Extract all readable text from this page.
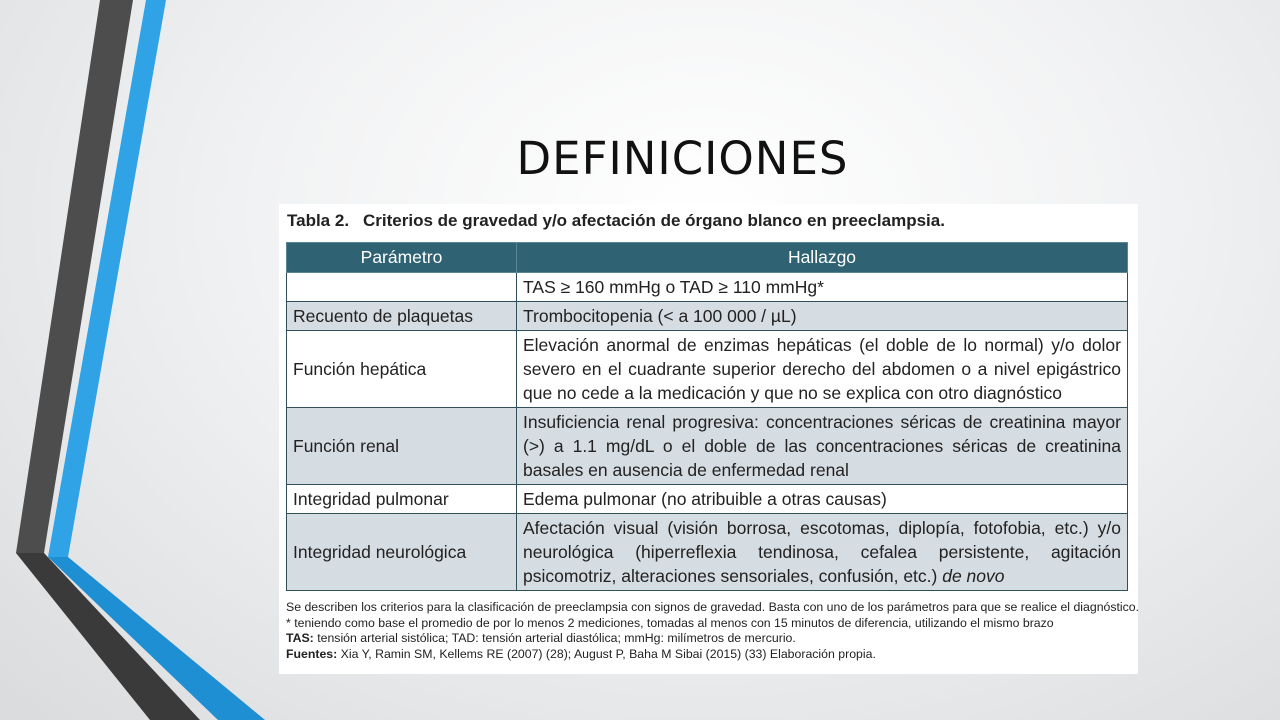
DEFINICIONES
Tabla 2. Criterios de gravedad y/o afectación de órgano blanco en preeclampsia.
Parámetro	Hallazgo
	TAS ≥ 160 mmHg o TAD ≥ 110 mmHg*
Recuento de plaquetas	Trombocitopenia (< a 100 000 / µL)
Función hepática	Elevación anormal de enzimas hepáticas (el doble de lo normal) y/o dolor severo en el cuadrante superior derecho del abdomen o a nivel epigástrico que no cede a la medicación y que no se explica con otro diagnóstico
Función renal	Insuficiencia renal progresiva: concentraciones séricas de creatinina mayor (>) a 1.1 mg/dL o el doble de las concentraciones séricas de creatinina basales en ausencia de enfermedad renal
Integridad pulmonar	Edema pulmonar (no atribuible a otras causas)
Integridad neurológica	Afectación visual (visión borrosa, escotomas, diplopía, fotofobia, etc.) y/o neurológica (hiperreflexia tendinosa, cefalea persistente, agitación psicomotriz, alteraciones sensoriales, confusión, etc.) de novo
Se describen los criterios para la clasificación de preeclampsia con signos de gravedad. Basta con uno de los parámetros para que se realice el diagnóstico.
* teniendo como base el promedio de por lo menos 2 mediciones, tomadas al menos con 15 minutos de diferencia, utilizando el mismo brazo
TAS: tensión arterial sistólica; TAD: tensión arterial diastólica; mmHg: milímetros de mercurio.
Fuentes: Xia Y, Ramin SM, Kellems RE (2007) (28); August P, Baha M Sibai (2015) (33) Elaboración propia.
